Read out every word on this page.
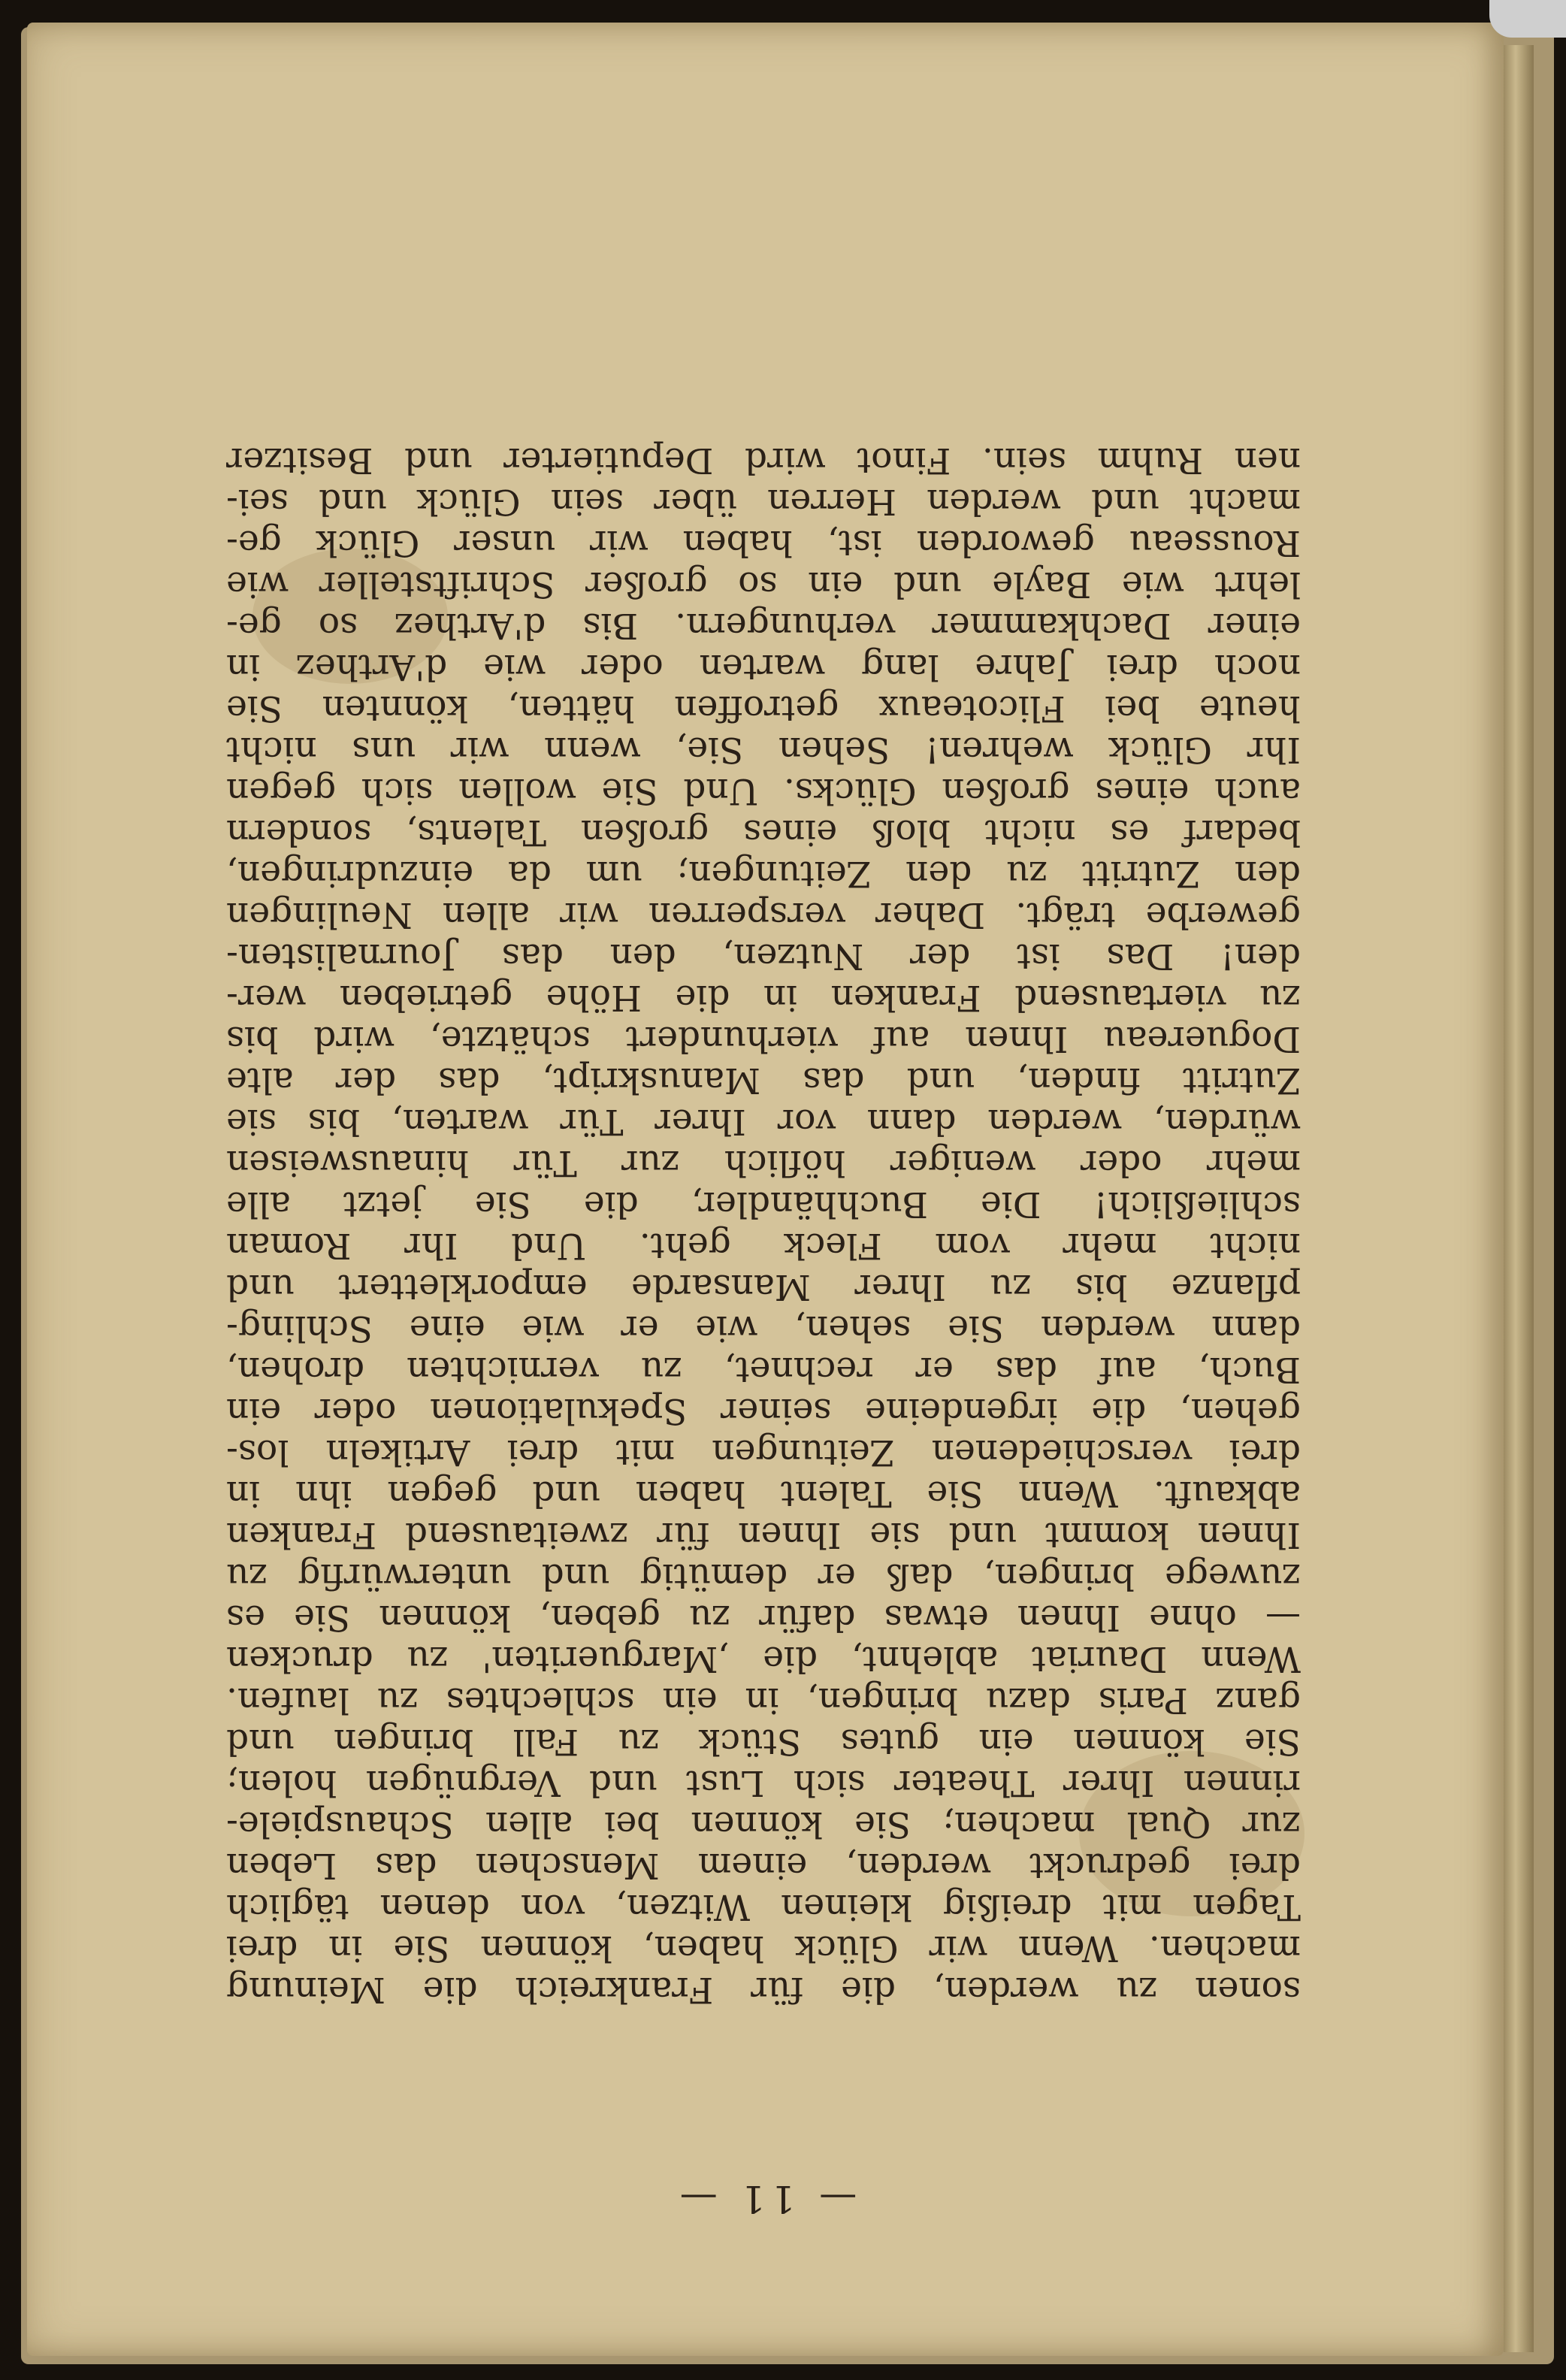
— 11 —
sonen zu werden, die für Frankreich die Meinung
machen. Wenn wir Glück haben, können Sie in drei
Tagen mit dreißig kleinen Witzen, von denen täglich
drei gedruckt werden, einem Menschen das Leben
zur Qual machen; Sie können bei allen Schauspiele-
rinnen Ihrer Theater sich Lust und Vergnügen holen;
Sie können ein gutes Stück zu Fall bringen und
ganz Paris dazu bringen, in ein schlechtes zu laufen.
Wenn Dauriat ablehnt, die ‚Margueriten' zu drucken
— ohne Ihnen etwas dafür zu geben, können Sie es
zuwege bringen, daß er demütig und unterwürfig zu
Ihnen kommt und sie Ihnen für zweitausend Franken
abkauft. Wenn Sie Talent haben und gegen ihn in
drei verschiedenen Zeitungen mit drei Artikeln los-
gehen, die irgendeine seiner Spekulationen oder ein
Buch, auf das er rechnet, zu vernichten drohen,
dann werden Sie sehen, wie er wie eine Schling-
pflanze bis zu Ihrer Mansarde emporklettert und
nicht mehr vom Fleck geht. Und Ihr Roman
schließlich! Die Buchhändler, die Sie jetzt alle
mehr oder weniger höflich zur Tür hinausweisen
würden, werden dann vor Ihrer Tür warten, bis sie
Zutritt finden, und das Manuskript, das der alte
Doguereau Ihnen auf vierhundert schätzte, wird bis
zu viertausend Franken in die Höhe getrieben wer-
den! Das ist der Nutzen, den das Journalisten-
gewerbe trägt. Daher versperren wir allen Neulingen
den Zutritt zu den Zeitungen; um da einzudringen,
bedarf es nicht bloß eines großen Talents, sondern
auch eines großen Glücks. Und Sie wollen sich gegen
Ihr Glück wehren! Sehen Sie, wenn wir uns nicht
heute bei Flicoteaux getroffen hätten, könnten Sie
noch drei Jahre lang warten oder wie d'Arthez in
einer Dachkammer verhungern. Bis d'Arthez so ge-
lehrt wie Bayle und ein so großer Schriftsteller wie
Rousseau geworden ist, haben wir unser Glück ge-
macht und werden Herren über sein Glück und sei-
nen Ruhm sein. Finot wird Deputierter und Besitzer
